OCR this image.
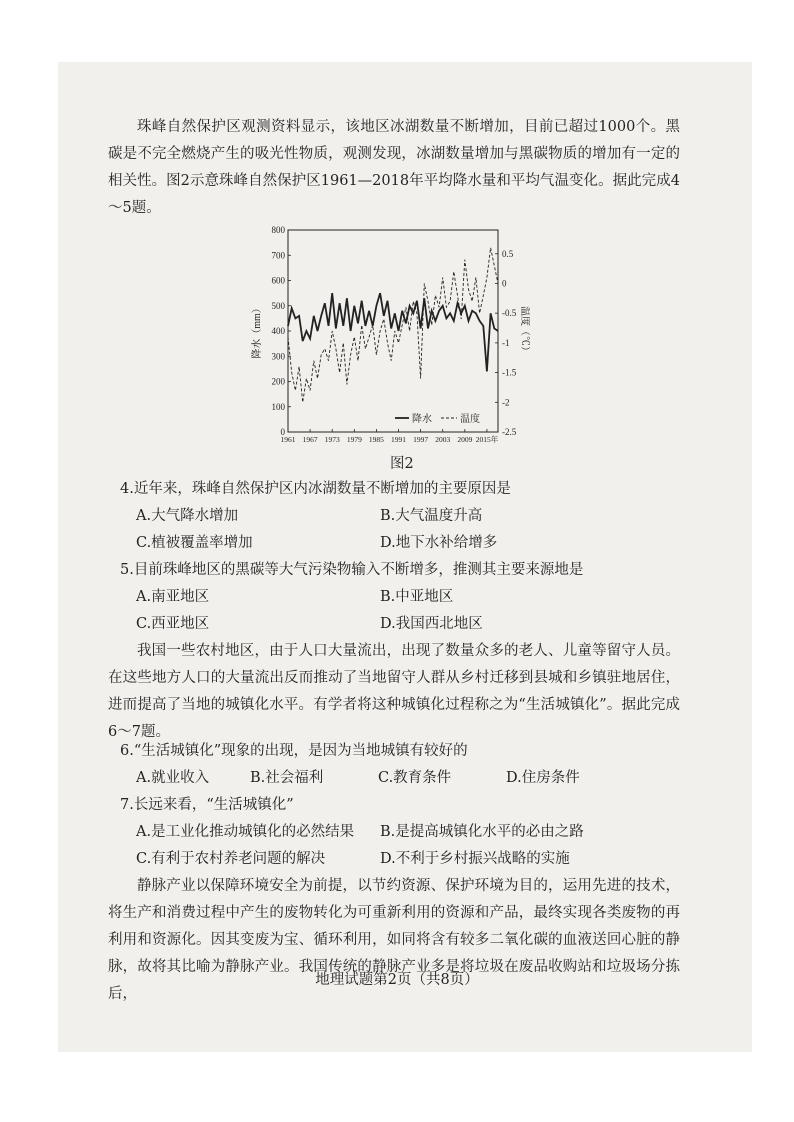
珠峰自然保护区观测资料显示，该地区冰湖数量不断增加，目前已超过1000个。黑碳是不完全燃烧产生的吸光性物质，观测发现，冰湖数量增加与黑碳物质的增加有一定的相关性。图2示意珠峰自然保护区1961—2018年平均降水量和平均气温变化。据此完成4～5题。
0
100
200
300
400
500
600
700
800
0.5
0
-0.5
-1
-1.5
-2
-2.5
1961 1967 1973 1979 1985 1991 1997 2003 2009 2015年
降水（mm）	温度（℃）
降水	温度
图2
4.近年来，珠峰自然保护区内冰湖数量不断增加的主要原因是
A.大气降水增加	B.大气温度升高
C.植被覆盖率增加	D.地下水补给增多
5.目前珠峰地区的黑碳等大气污染物输入不断增多，推测其主要来源地是
A.南亚地区	B.中亚地区
C.西亚地区	D.我国西北地区
我国一些农村地区，由于人口大量流出，出现了数量众多的老人、儿童等留守人员。在这些地方人口的大量流出反而推动了当地留守人群从乡村迁移到县城和乡镇驻地居住，进而提高了当地的城镇化水平。有学者将这种城镇化过程称之为“生活城镇化”。据此完成6～7题。
6.“生活城镇化”现象的出现，是因为当地城镇有较好的
A.就业收入	B.社会福利	C.教育条件	D.住房条件
7.长远来看，“生活城镇化”
A.是工业化推动城镇化的必然结果 B.是提高城镇化水平的必由之路
C.有利于农村养老问题的解决	D.不利于乡村振兴战略的实施
静脉产业以保障环境安全为前提，以节约资源、保护环境为目的，运用先进的技术，将生产和消费过程中产生的废物转化为可重新利用的资源和产品，最终实现各类废物的再利用和资源化。因其变废为宝、循环利用，如同将含有较多二氧化碳的血液送回心脏的静脉，故将其比喻为静脉产业。我国传统的静脉产业多是将垃圾在废品收购站和垃圾场分拣后，
地理试题第2页（共8页）
